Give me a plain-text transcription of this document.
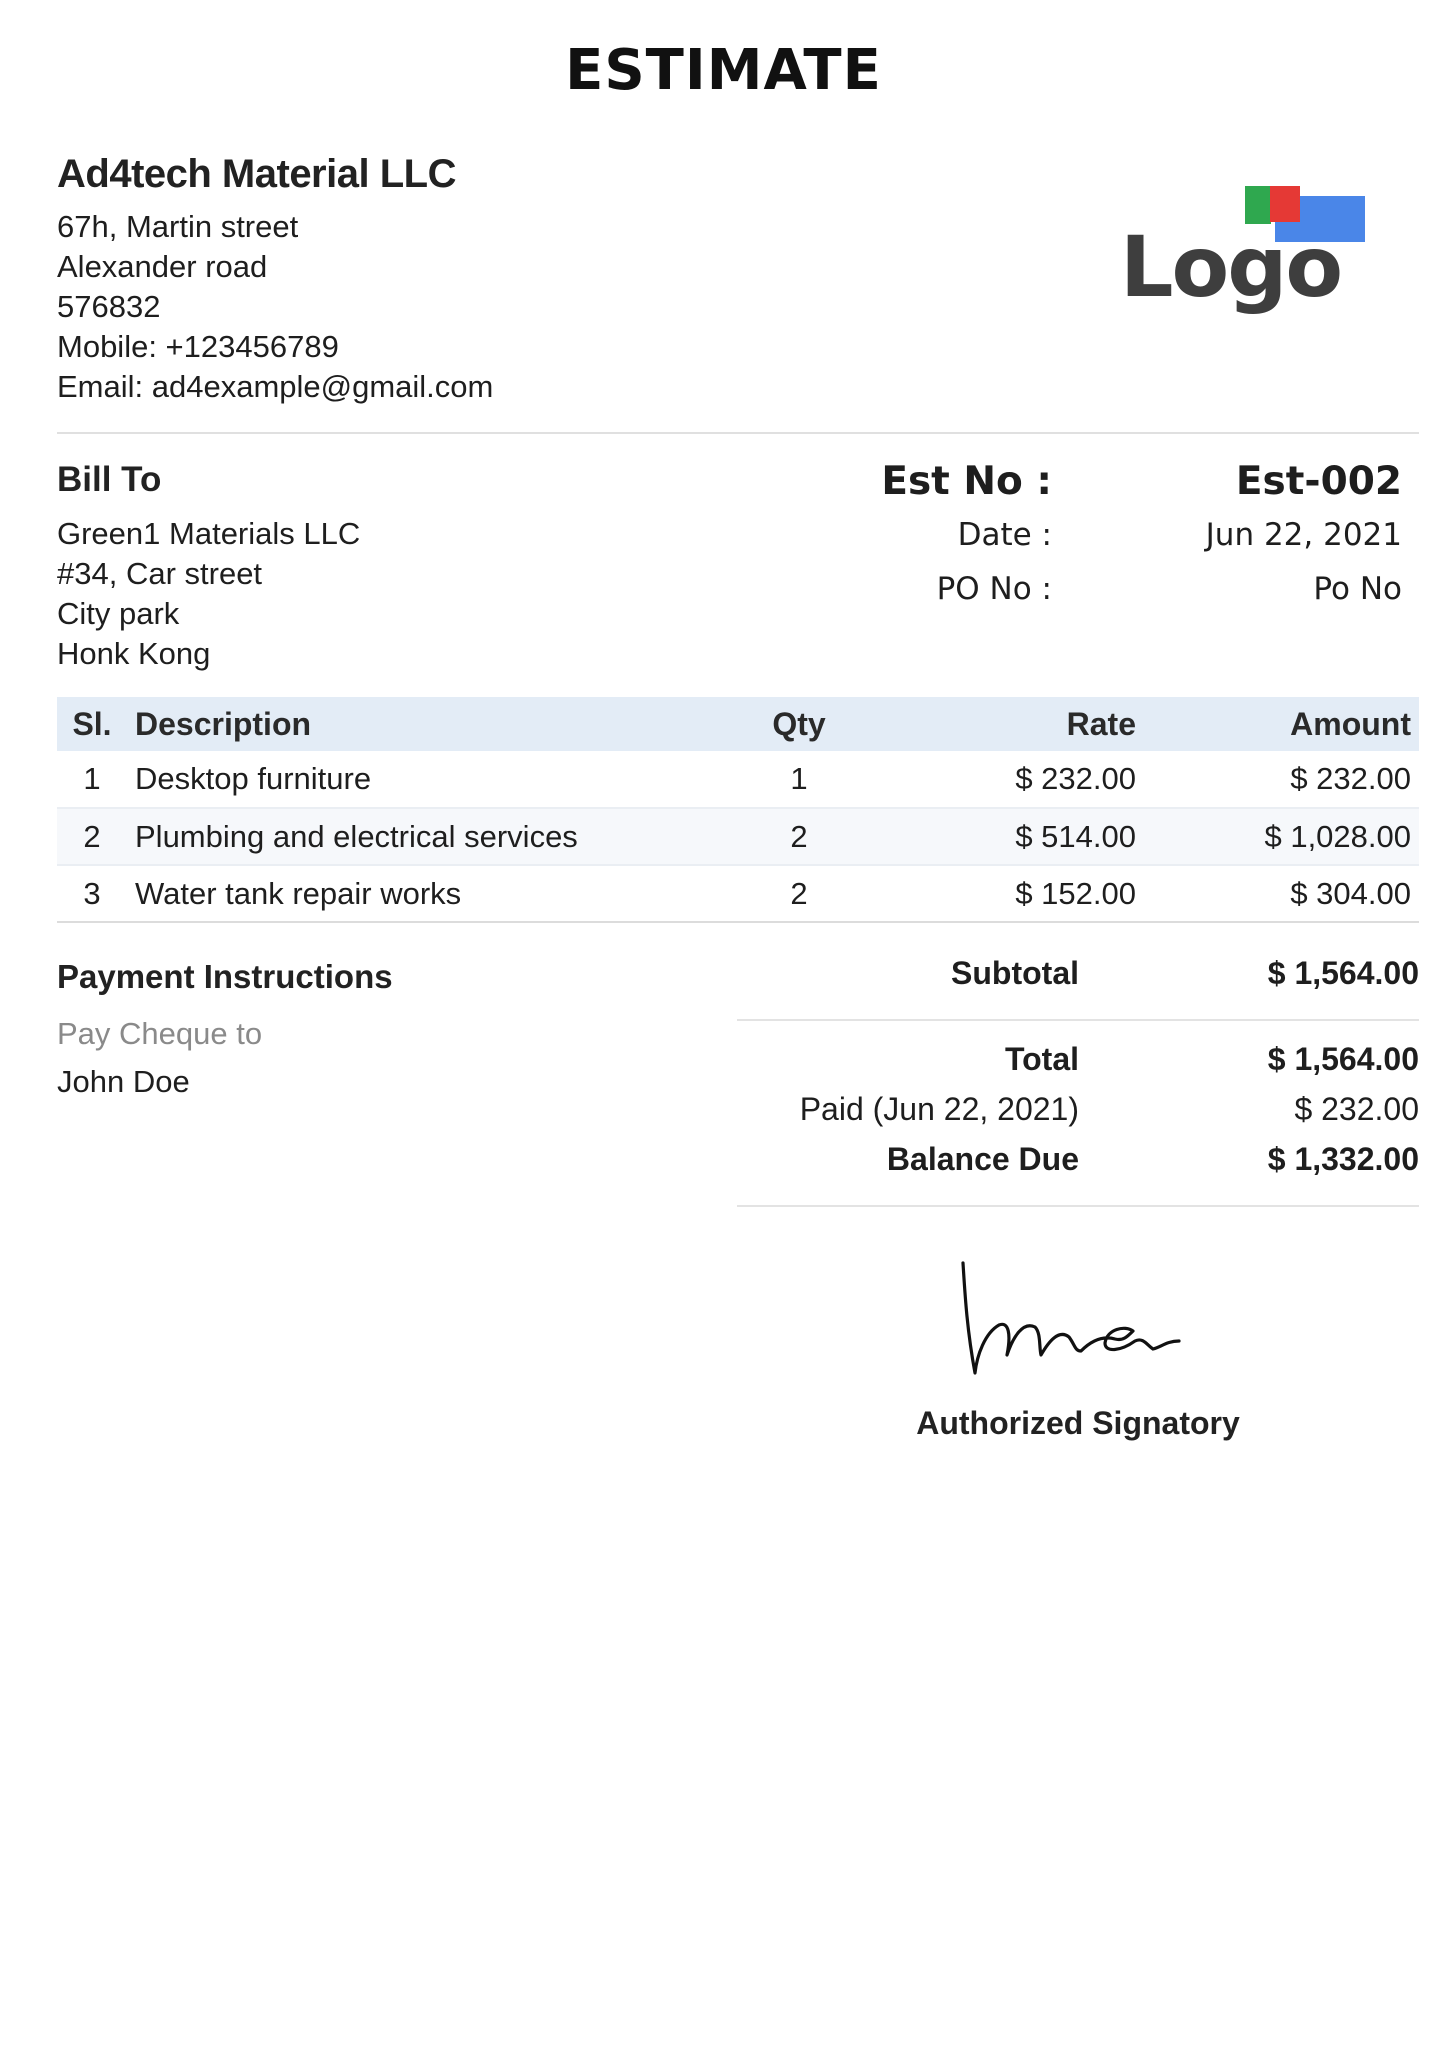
ESTIMATE
Ad4tech Material LLC
67h, Martin street
Alexander road
576832
Mobile: +123456789
Email: ad4example@gmail.com
Logo
Bill To
Green1 Materials LLC
#34, Car street
City park
Honk Kong
Est No :	Est-002
Date :	Jun 22, 2021
PO No :	Po No
Sl.	Description	Qty	Rate	Amount
1	Desktop furniture	1	$ 232.00	$ 232.00
2	Plumbing and electrical services	2	$ 514.00	$ 1,028.00
3	Water tank repair works	2	$ 152.00	$ 304.00
Payment Instructions
Pay Cheque to
John Doe
Subtotal	$ 1,564.00
Total	$ 1,564.00
Paid (Jun 22, 2021)	$ 232.00
Balance Due	$ 1,332.00
Authorized Signatory
